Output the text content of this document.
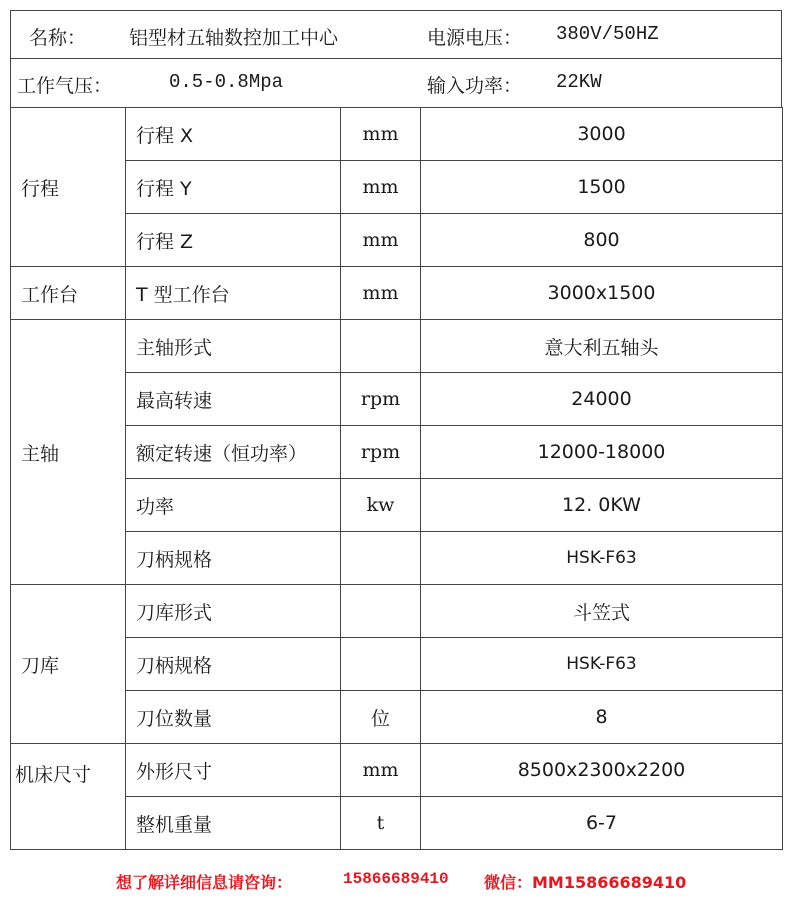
名称： 铝型材五轴数控加工中心	电源电压： 380V/50HZ
工作气压：	0.5-0.8Mpa	输入功率： 22KW
行程	行程 X	mm	3000
	行程 Y	mm	1500
	行程 Z	mm	800
工作台	T 型工作台	mm	3000x1500
主轴	主轴形式		意大利五轴头
	最高转速	rpm	24000
	额定转速（恒功率）	rpm	12000-18000
	功率	kw	12. 0KW
	刀柄规格		HSK-F63
刀库	刀库形式		斗笠式
	刀柄规格		HSK-F63
	刀位数量	位	8
机床尺寸	外形尺寸	mm	8500x2300x2200
	整机重量	t	6-7
想了解详细信息请咨询：	15866689410 微信：MM15866689410
